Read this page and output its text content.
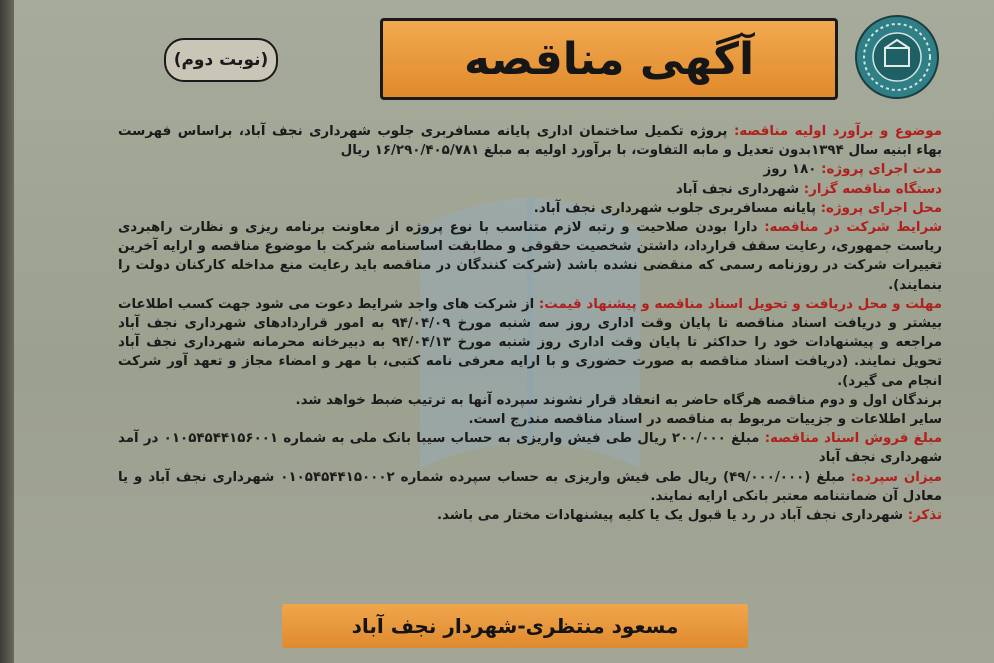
(نوبت دوم)	آگهی مناقصه

موضوع و برآورد اولیه مناقصه: پروژه تکمیل ساختمان اداری پایانه مسافربری جلوب شهرداری نجف آباد، براساس فهرست بهاء ابنیه سال ۱۳۹۴بدون تعدیل و مابه التفاوت، با برآورد اولیه به مبلغ ۱۶/۲۹۰/۴۰۵/۷۸۱ ریال

مدت اجرای پروژه: ۱۸۰ روز

دستگاه مناقصه گزار: شهرداری نجف آباد

محل اجرای پروژه: پایانه مسافربری جلوب شهرداری نجف آباد.

شرایط شرکت در مناقصه: دارا بودن صلاحیت و رتبه لازم متناسب با نوع پروژه از معاونت برنامه ریزی و نظارت راهبردی ریاست جمهوری، رعایت سقف قرارداد، داشتن شخصیت حقوقی و مطابقت اساسنامه شرکت با موضوع مناقصه و ارایه آخرین تغییرات شرکت در روزنامه رسمی که منقضی نشده باشد (شرکت کنندگان در مناقصه باید رعایت منع مداخله کارکنان دولت را بنمایند).

مهلت و محل دریافت و تحویل اسناد مناقصه و پیشنهاد قیمت: از شرکت های واجد شرایط دعوت می شود جهت کسب اطلاعات بیشتر و دریافت اسناد مناقصه تا پایان وقت اداری روز سه شنبه مورخ ۹۴/۰۴/۰۹ به امور قراردادهای شهرداری نجف آباد مراجعه و پیشنهادات خود را حداکثر تا پایان وقت اداری روز شنبه مورخ ۹۴/۰۴/۱۳ به دبیرخانه محرمانه شهرداری نجف آباد تحویل نمایند. (دریافت اسناد مناقصه به صورت حضوری و با ارایه معرفی نامه کتبی، با مهر و امضاء مجاز و تعهد آور شرکت انجام می گیرد).

برندگان اول و دوم مناقصه هرگاه حاضر به انعقاد قرار نشوند سپرده آنها به ترتیب ضبط خواهد شد.

سایر اطلاعات و جزییات مربوط به مناقصه در اسناد مناقصه مندرج است.

مبلغ فروش اسناد مناقصه: مبلغ ۲۰۰/۰۰۰ ریال طی فیش واریزی به حساب سیبا بانک ملی به شماره ۰۱۰۵۴۵۴۴۱۵۶۰۰۱ در آمد شهرداری نجف آباد

میزان سپرده: مبلغ (۴۹/۰۰۰/۰۰۰) ریال طی فیش واریزی به حساب سپرده شماره ۰۱۰۵۴۵۴۴۱۵۰۰۰۲ شهرداری نجف آباد و یا معادل آن ضمانتنامه معتبر بانکی ارایه نمایند.

تذکر: شهرداری نجف آباد در رد یا قبول یک یا کلیه پیشنهادات مختار می باشد.

مسعود منتظری-شهردار نجف آباد
